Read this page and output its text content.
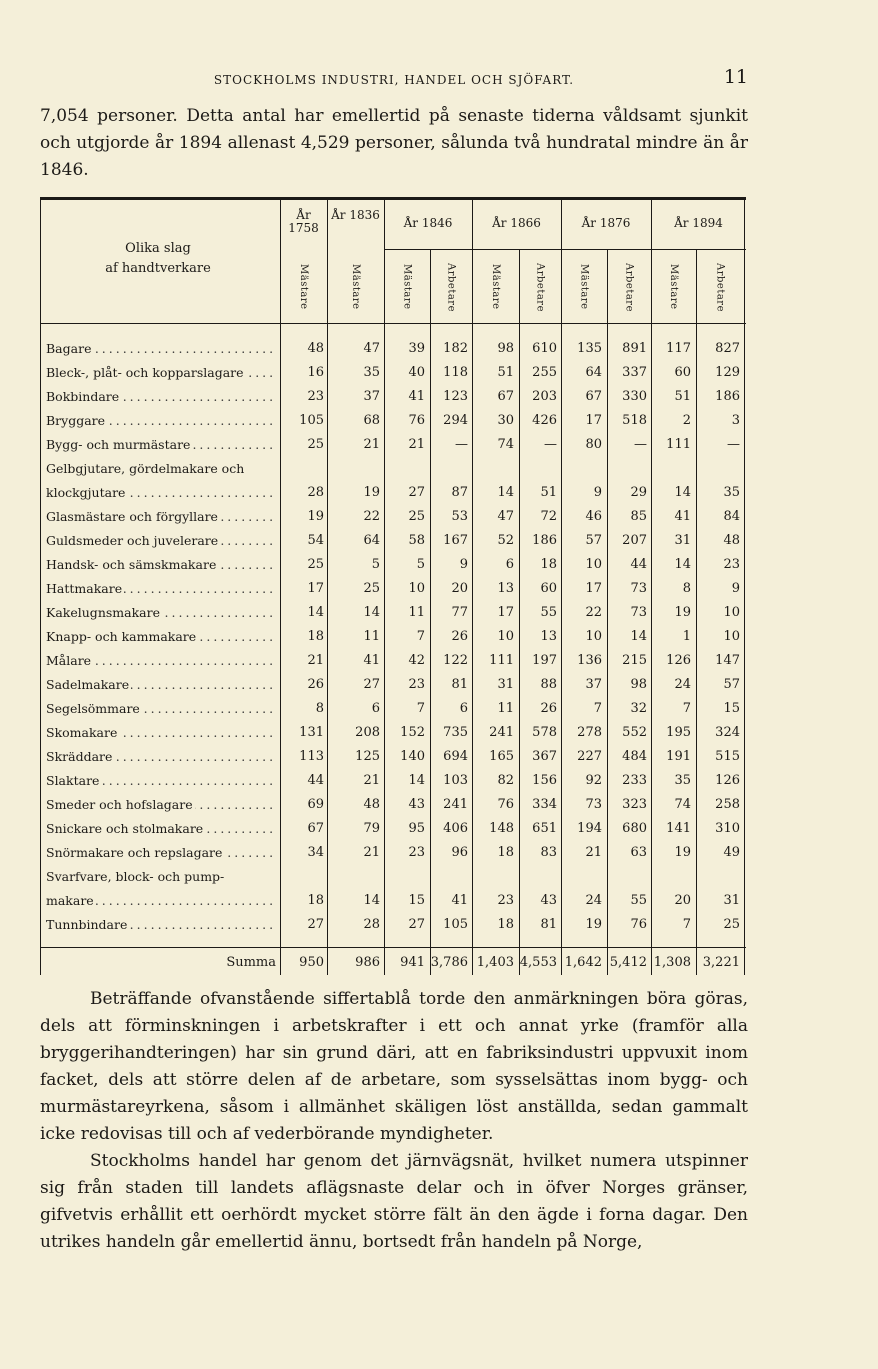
STOCKHOLMS INDUSTRI, HANDEL OCH SJÖFART.	11
7,054 personer. Detta antal har emellertid på senaste tiderna våldsamt sjunkit och utgjorde år 1894 allenast 4,529 personer, sålunda två hundratal mindre än år 1846.
Olika slag
af handtverkare
År 1758
År 1836
År 1846	År 1866	År 1876	År 1894
Mästare	Mästare	Mästare	Arbetare	Mästare	Arbetare	Mästare	Arbetare	Mästare	Arbetare
Bagare .....	48	47	39	182	98	610	135	891	117	827
Bleck-, plåt- och kopparslagare .....	16	35	40	118	51	255	64	337	60	129
Bokbindare .....	23	37	41	123	67	203	67	330	51	186
Bryggare .....	105	68	76	294	30	426	17	518	2	3
Bygg- och murmästare .....	25	21	21	—	74	—	80	—	111	—
Gelbgjutare, gördelmakare och
klockgjutare .....	28	19	27	87	14	51	9	29	14	35
Glasmästare och förgyllare .....	19	22	25	53	47	72	46	85	41	84
Guldsmeder och juvelerare .....	54	64	58	167	52	186	57	207	31	48
Handsk- och sämskmakare .....	25	5	5	9	6	18	10	44	14	23
Hattmakare .....	17	25	10	20	13	60	17	73	8	9
Kakelugnsmakare .....	14	14	11	77	17	55	22	73	19	10
Knapp- och kammakare .....	18	11	7	26	10	13	10	14	1	10
Målare .....	21	41	42	122	111	197	136	215	126	147
Sadelmakare .....	26	27	23	81	31	88	37	98	24	57
Segelsömmare .....	8	6	7	6	11	26	7	32	7	15
Skomakare .....	131	208	152	735	241	578	278	552	195	324
Skräddare .....	113	125	140	694	165	367	227	484	191	515
Slaktare .....	44	21	14	103	82	156	92	233	35	126
Smeder och hofslagare .....	69	48	43	241	76	334	73	323	74	258
Snickare och stolmakare .....	67	79	95	406	148	651	194	680	141	310
Snörmakare och repslagare .....	34	21	23	96	18	83	21	63	19	49
Svarfvare, block- och pump-
makare .....	18	14	15	41	23	43	24	55	20	31
Tunnbindare .....	27	28	27	105	18	81	19	76	7	25
Summa	950	986	941 3,786 1,403 4,553 1,642 5,412 1,308 3,221
Beträffande ofvanstående siffertablå torde den anmärkningen böra göras, dels att förminskningen i arbetskrafter i ett och annat yrke (framför alla bryggerihandteringen) har sin grund däri, att en fabriksindustri uppvuxit inom facket, dels att större delen af de arbetare, som sysselsättas inom bygg- och murmästareyrkena, såsom i allmänhet skäligen löst anställda, sedan gammalt icke redovisas till och af vederbörande myndigheter.
Stockholms handel har genom det järnvägsnät, hvilket numera utspinner sig från staden till landets aflägsnaste delar och in öfver Norges gränser, gifvetvis erhållit ett oerhördt mycket större fält än den ägde i forna dagar. Den utrikes handeln går emellertid ännu, bortsedt från handeln på Norge,
